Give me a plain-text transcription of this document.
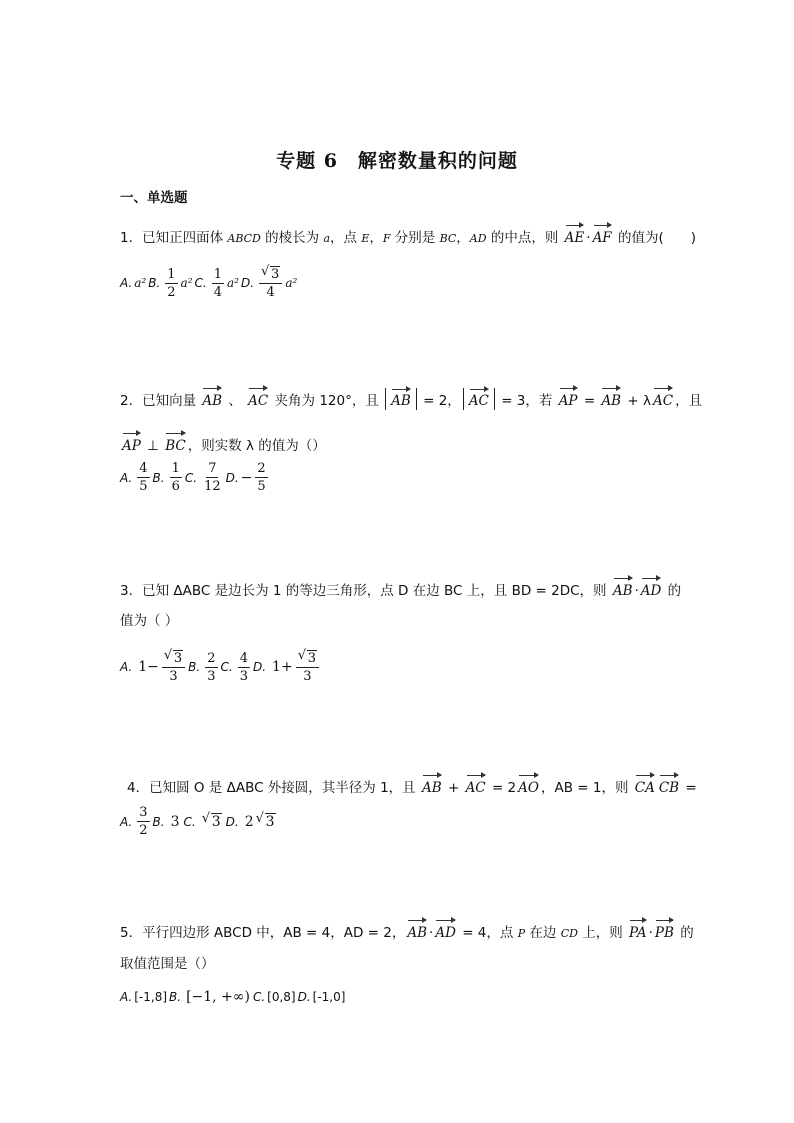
专题 6　解密数量积的问题
一、单选题
1．已知正四面体 ABCD 的棱长为 a，点 E，F 分别是 BC，AD 的中点，则 AE · AF 的值为(　　)
A. a² B. $\frac{1}{2} a^2$ C. $\frac{1}{4} a^2$ D. √ $\frac{3}{4} a^2$
2．已知向量 AB 、 AC 夹角为 120°，且 AB = 2， AC = 3，若 AP = AB + λ AC ，且
AP ⊥ BC ，则实数 λ 的值为（）
A. $\frac{4}{5} B$. $\frac{1}{6} C$. $\frac{7}{12} D$. − $\frac{2}{5}$
3．已知 ΔABC 是边长为 1 的等边三角形，点 D 在边 BC 上，且 BD = 2DC，则 AB · AD 的
值为（ ）
A. 1− √ $\frac{3}{3} B$. $\frac{2}{3} C$. $\frac{4}{3} D$. 1+ √ $\frac{3}{3}$
4．已知圆 O 是 ΔABC 外接圆，其半径为 1，且 AB + AC = 2 AO ，AB = 1，则 CA CB =
A. $\frac{3}{2} B$. 3 C. √ 3 D. 2 √ 3
5．平行四边形 ABCD 中，AB = 4，AD = 2， AB · AD = 4，点 P 在边 CD 上，则 PA · PB 的
取值范围是（）
A. [-1,8] B. [−1, +∞) C. [0,8] D. [-1,0]
